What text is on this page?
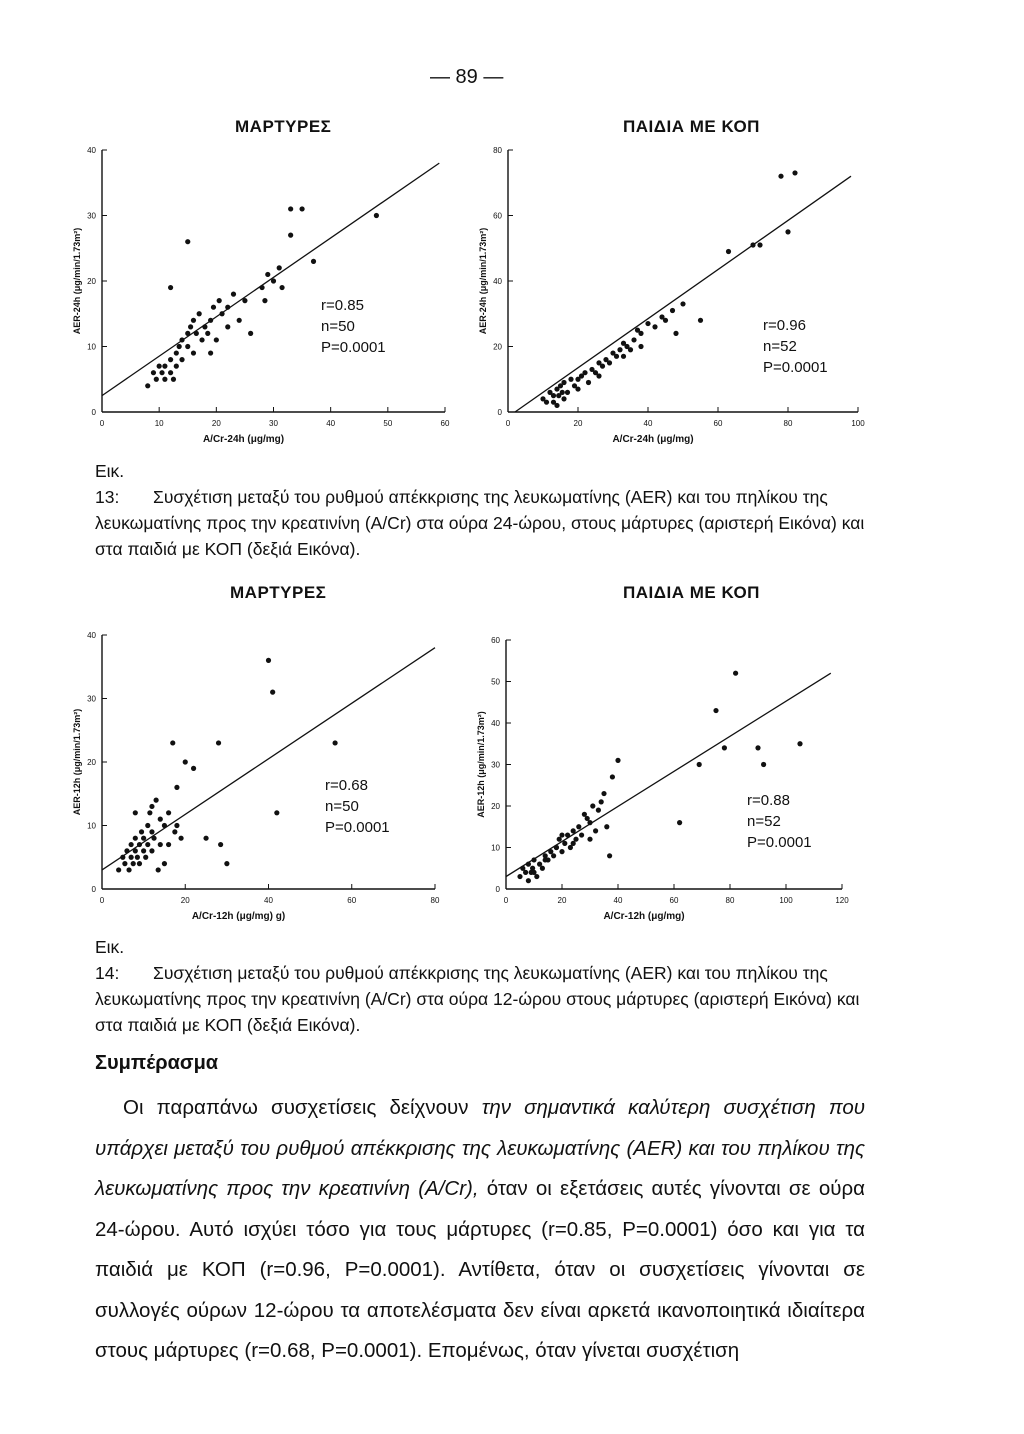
— 89 —
ΜΑΡΤΥΡΕΣ	ΠΑΙΔΙΑ ΜΕ ΚΟΠ
0	10	20	30	40	50	60
0
10
20
30
40
A/Cr-24h (μg/mg)
AER-24h (μg/min/1.73m²)	r=0.85
n=50
P=0.0001
0	20	40	60	80	100
0
20
40
60
80
A/Cr-24h (μg/mg)
AER-24h (μg/min/1.73m²)	r=0.96
n=52
P=0.0001
Εικ. 13: Συσχέτιση μεταξύ του ρυθμού απέκκρισης της λευκωματίνης (AER) και του πηλίκου της λευκωματίνης προς την κρεατινίνη (A/Cr) στα ούρα 24-ώρου, στους μάρτυρες (αριστερή Εικόνα) και στα παιδιά με ΚΟΠ (δεξιά Εικόνα).
ΜΑΡΤΥΡΕΣ	ΠΑΙΔΙΑ ΜΕ ΚΟΠ
0	20	40	60	80
0
10
20
30
40
A/Cr-12h (μg/mg) g)
AER-12h (μg/min/1.73m²)	r=0.68
n=50
P=0.0001
0	20	40	60	80	100	120
0
10
20
30
40
50
60
A/Cr-12h (μg/mg)
AER-12h (μg/min/1.73m²)	r=0.88
n=52
P=0.0001
Εικ. 14: Συσχέτιση μεταξύ του ρυθμού απέκκρισης της λευκωματίνης (AER) και του πηλίκου της λευκωματίνης προς την κρεατινίνη (A/Cr) στα ούρα 12-ώρου στους μάρτυρες (αριστερή Εικόνα) και στα παιδιά με ΚΟΠ (δεξιά Εικόνα).
Συμπέρασμα
Οι παραπάνω συσχετίσεις δείχνουν την σημαντικά καλύτερη συσχέτιση που υπάρχει μεταξύ του ρυθμού απέκκρισης της λευκωματίνης (AER) και του πηλίκου της λευκωματίνης προς την κρεατινίνη (A/Cr), όταν οι εξετάσεις αυτές γίνονται σε ούρα 24-ώρου. Αυτό ισχύει τόσο για τους μάρτυρες (r=0.85, P=0.0001) όσο και για τα παιδιά με ΚΟΠ (r=0.96, P=0.0001). Αντίθετα, όταν οι συσχετίσεις γίνονται σε συλλογές ούρων 12-ώρου τα αποτελέσματα δεν είναι αρκετά ικανοποιητικά ιδιαίτερα στους μάρτυρες (r=0.68, P=0.0001). Επομένως, όταν γίνεται συσχέτιση
